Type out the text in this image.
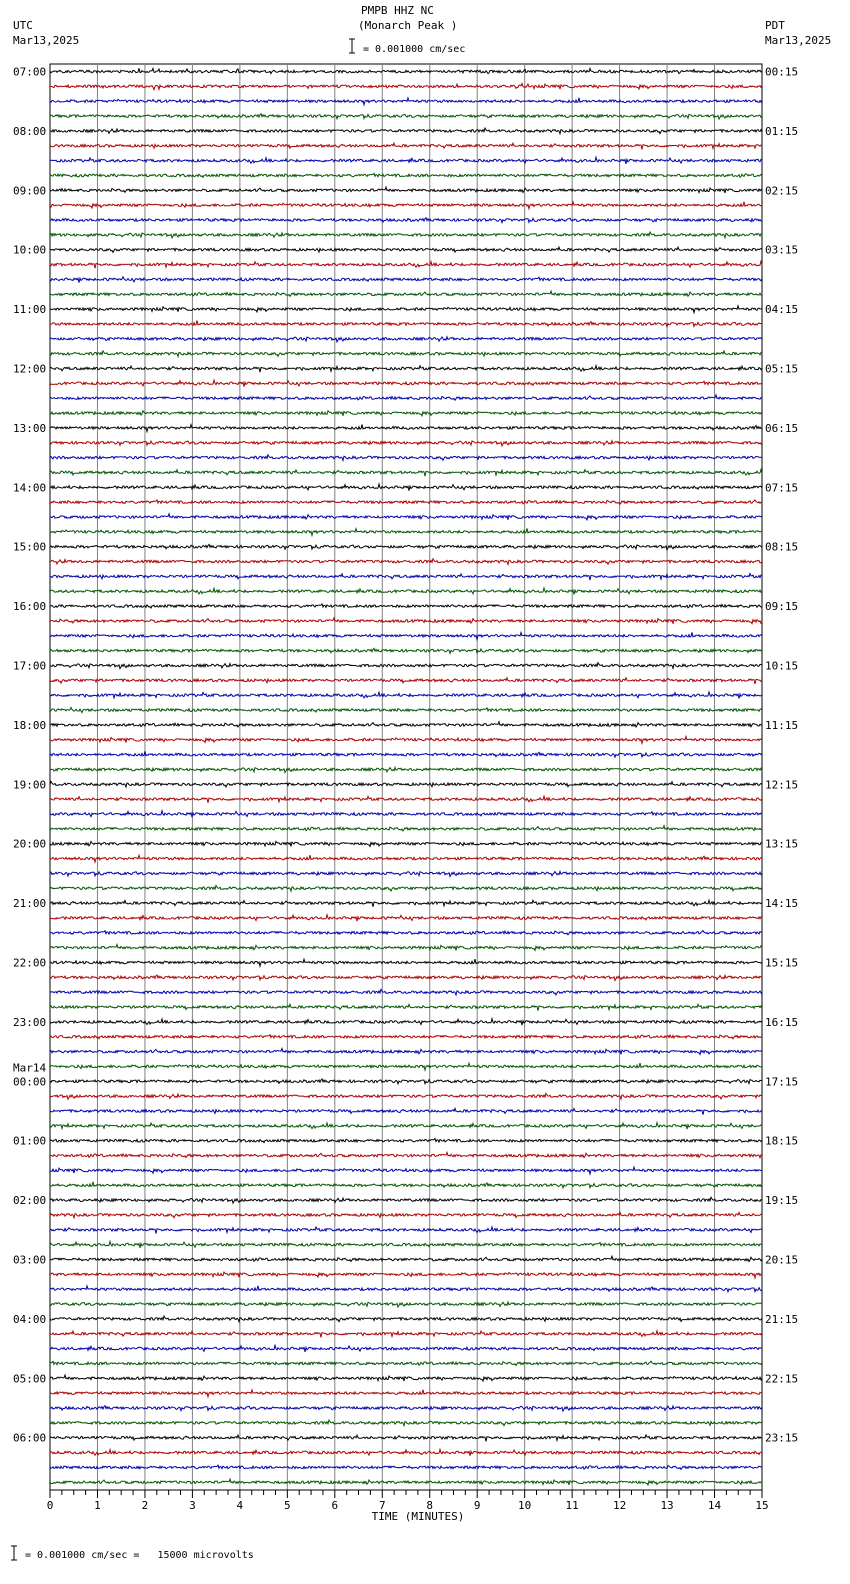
PMPB HHZ NC
(Monarch Peak )
= 0.001000 cm/sec
UTC
Mar13,2025
PDT
Mar13,2025
07:00
08:00
09:00
10:00
11:00
12:00
13:00
14:00
15:00
16:00
17:00
18:00
19:00
20:00
21:00
22:00
23:00
00:00
01:00
02:00
03:00
04:00
05:00
06:00
00:15
01:15
02:15
03:15
04:15
05:15
06:15
07:15
08:15
09:15
10:15
11:15
12:15
13:15
14:15
15:15
16:15
17:15
18:15
19:15
20:15
21:15
22:15
23:15
Mar14
0	1	2	3	4	5	6	7	8	9	10	11	12	13	14	15
TIME (MINUTES)
= 0.001000 cm/sec =   15000 microvolts
